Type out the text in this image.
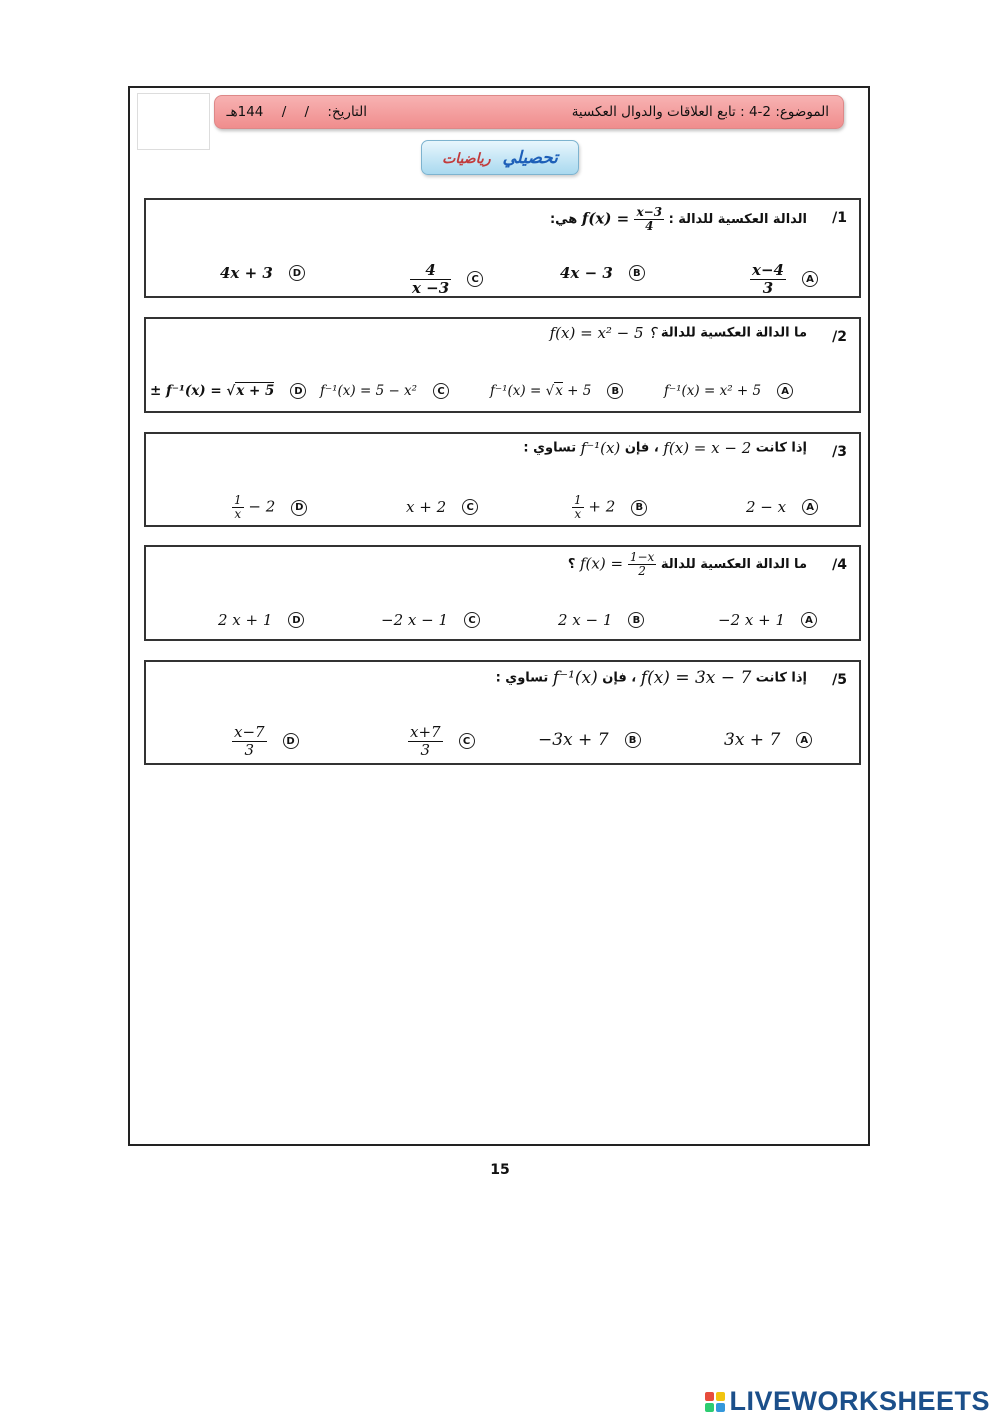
الموضوع: 2-4 : تابع العلاقات والدوال العكسية
التاريخ: / / 144هـ
تحصيلي رياضيات
/1
الدالة العكسية للدالة : $f(x) = \frac{x-3}{4}$
هي:
$\frac{x-4}{3}$	A
4x − 3	B
$\frac{4}{x -3}$	C
4x + 3	D
/2
ما الدالة العكسية للدالة f(x) = x² − 5 ؟
f⁻¹(x) = x² + 5	A
f⁻¹(x) = √x + 5	B
f⁻¹(x) = 5 − x²	C
± f⁻¹(x) = √x + 5	D
/3
إذا كانت f(x) = x − 2 ، فإن f⁻¹(x) تساوي :
2 − x	A
$\frac{1}{x} + 2$	B
x + 2	C
$\frac{1}{x} - 2$	D
/4
ما الدالة العكسية للدالة $f(x) = \frac{1-x}{2}$
؟
−2 x + 1	A
2 x − 1	B
−2 x − 1	C
2 x + 1	D
/5
إذا كانت f(x) = 3x − 7 ، فإن f⁻¹(x) تساوي :
3x + 7	A
−3x + 7	B
$\frac{x+7}{3}$	C
$\frac{x-7}{3}$	D
15
LIVEWORKSHEETS
